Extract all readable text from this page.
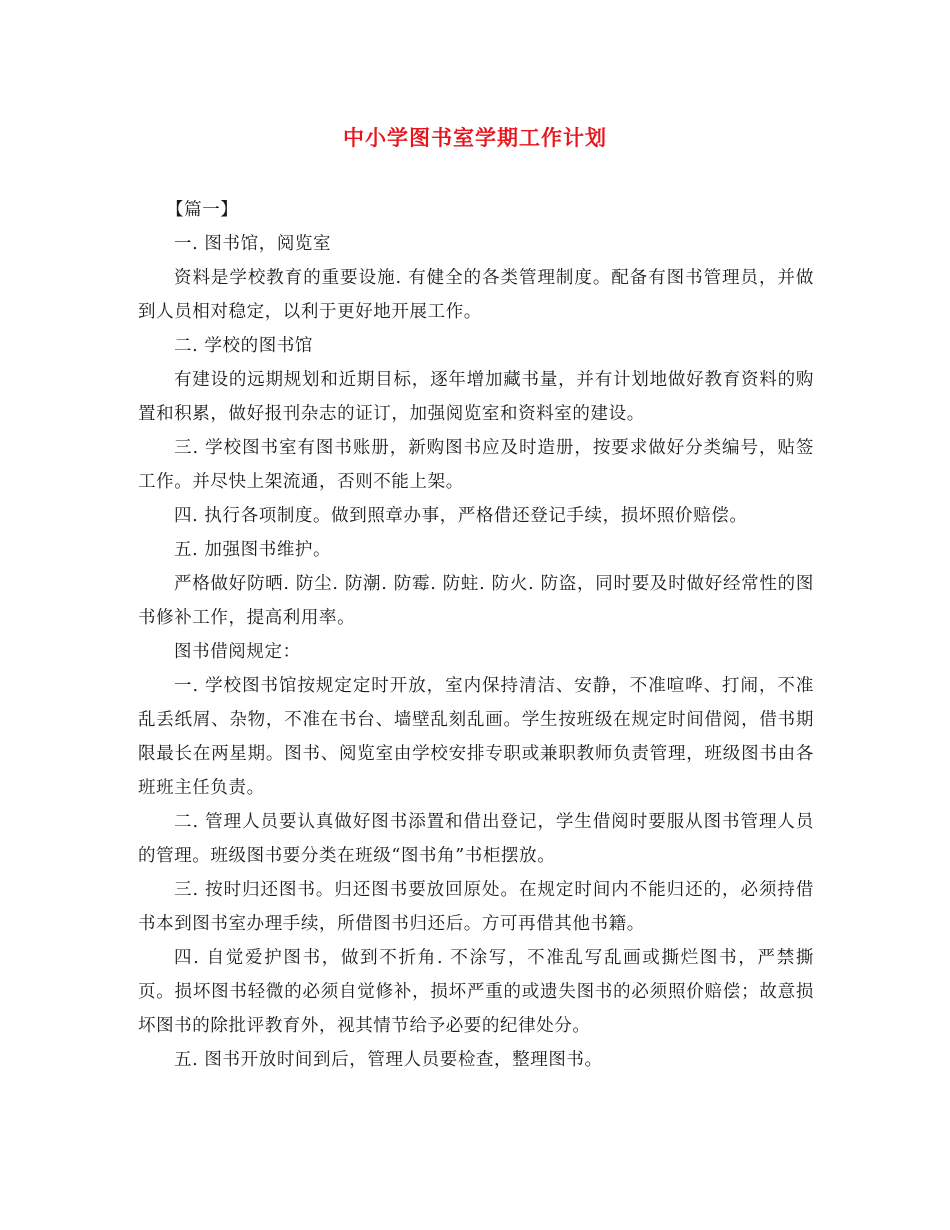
中小学图书室学期工作计划

【篇一】

一. 图书馆，阅览室

资料是学校教育的重要设施. 有健全的各类管理制度。配备有图书管理员，并做到人员相对稳定，以利于更好地开展工作。

二. 学校的图书馆

有建设的远期规划和近期目标，逐年增加藏书量，并有计划地做好教育资料的购置和积累，做好报刊杂志的证订，加强阅览室和资料室的建设。

三. 学校图书室有图书账册，新购图书应及时造册，按要求做好分类编号，贴签工作。并尽快上架流通，否则不能上架。

四. 执行各项制度。做到照章办事，严格借还登记手续，损坏照价赔偿。

五. 加强图书维护。

严格做好防晒. 防尘. 防潮. 防霉. 防蛀. 防火. 防盗，同时要及时做好经常性的图书修补工作，提高利用率。

图书借阅规定：

一. 学校图书馆按规定定时开放，室内保持清洁、安静，不准喧哗、打闹，不准乱丢纸屑、杂物，不准在书台、墙壁乱刻乱画。学生按班级在规定时间借阅，借书期限最长在两星期。图书、阅览室由学校安排专职或兼职教师负责管理，班级图书由各班班主任负责。

二. 管理人员要认真做好图书添置和借出登记，学生借阅时要服从图书管理人员的管理。班级图书要分类在班级“图书角”书柜摆放。

三. 按时归还图书。归还图书要放回原处。在规定时间内不能归还的，必须持借书本到图书室办理手续，所借图书归还后。方可再借其他书籍。

四. 自觉爱护图书，做到不折角. 不涂写，不准乱写乱画或撕烂图书，严禁撕页。损坏图书轻微的必须自觉修补，损坏严重的或遗失图书的必须照价赔偿；故意损坏图书的除批评教育外，视其情节给予必要的纪律处分。

五. 图书开放时间到后，管理人员要检查，整理图书。
